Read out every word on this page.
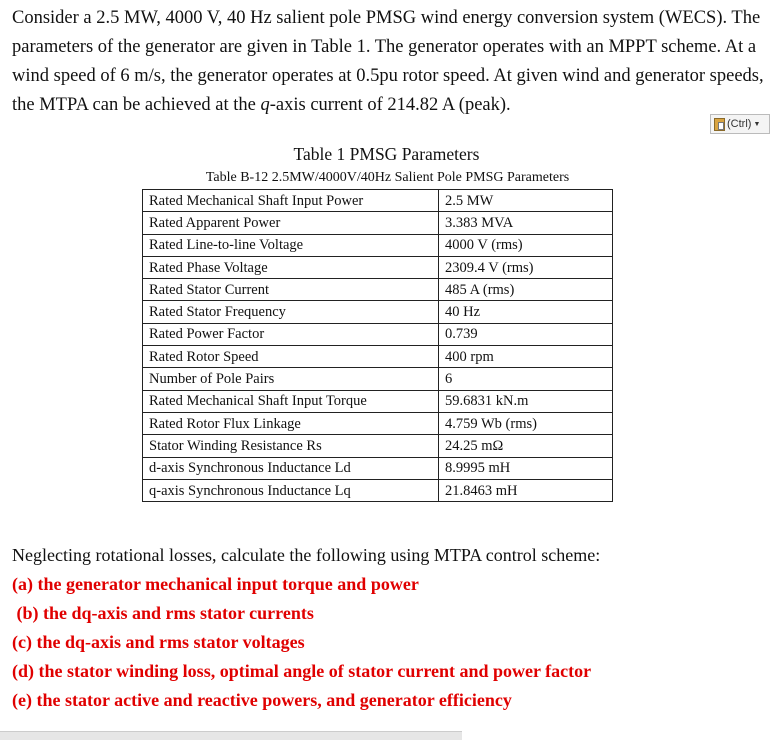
Consider a 2.5 MW, 4000 V, 40 Hz salient pole PMSG wind energy conversion system (WECS). The parameters of the generator are given in Table 1. The generator operates with an MPPT scheme. At a wind speed of 6 m/s, the generator operates at 0.5pu rotor speed. At given wind and generator speeds, the MTPA can be achieved at the q-axis current of 214.82 A (peak).
(Ctrl) ▼
Table 1 PMSG Parameters
Table B-12 2.5MW/4000V/40Hz Salient Pole PMSG Parameters
Rated Mechanical Shaft Input Power	2.5 MW
Rated Apparent Power	3.383 MVA
Rated Line-to-line Voltage	4000 V (rms)
Rated Phase Voltage	2309.4 V (rms)
Rated Stator Current	485 A (rms)
Rated Stator Frequency	40 Hz
Rated Power Factor	0.739
Rated Rotor Speed	400 rpm
Number of Pole Pairs	6
Rated Mechanical Shaft Input Torque	59.6831 kN.m
Rated Rotor Flux Linkage	4.759 Wb (rms)
Stator Winding Resistance Rs	24.25 mΩ
d-axis Synchronous Inductance Ld	8.9995 mH
q-axis Synchronous Inductance Lq	21.8463 mH
Neglecting rotational losses, calculate the following using MTPA control scheme:
(a) the generator mechanical input torque and power
(b) the dq-axis and rms stator currents
(c) the dq-axis and rms stator voltages
(d) the stator winding loss, optimal angle of stator current and power factor
(e) the stator active and reactive powers, and generator efficiency
